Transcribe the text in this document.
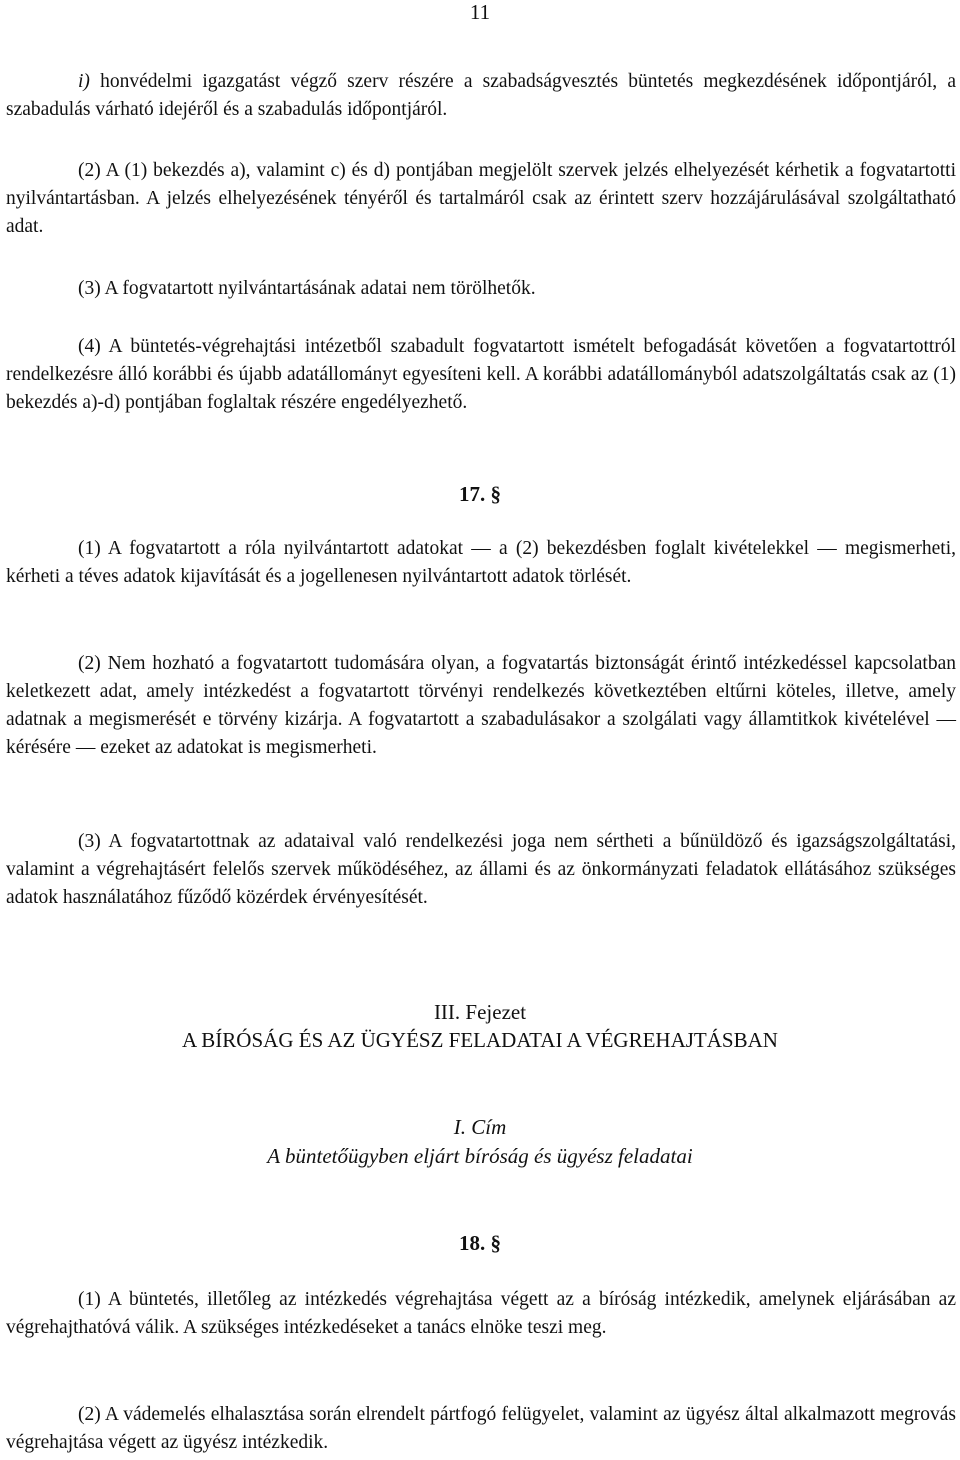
11

i) honvédelmi igazgatást végző szerv részére a szabadságvesztés büntetés megkezdésének időpontjáról, a szabadulás várható idejéről és a szabadulás időpontjáról.

(2) A (1) bekezdés a), valamint c) és d) pontjában megjelölt szervek jelzés elhelyezését kérhetik a fogvatartotti nyilvántartásban. A jelzés elhelyezésének tényéről és tartalmáról csak az érintett szerv hozzájárulásával szolgáltatható adat.

(3) A fogvatartott nyilvántartásának adatai nem törölhetők.

(4) A büntetés-végrehajtási intézetből szabadult fogvatartott ismételt befogadását követően a fogvatartottról rendelkezésre álló korábbi és újabb adatállományt egyesíteni kell. A korábbi adatállományból adatszolgáltatás csak az (1) bekezdés a)-d) pontjában foglaltak részére engedélyezhető.

17. §

(1) A fogvatartott a róla nyilvántartott adatokat ― a (2) bekezdésben foglalt kivételekkel ― megismerheti, kérheti a téves adatok kijavítását és a jogellenesen nyilvántartott adatok törlését.

(2) Nem hozható a fogvatartott tudomására olyan, a fogvatartás biztonságát érintő intézkedéssel kapcsolatban keletkezett adat, amely intézkedést a fogvatartott törvényi rendelkezés következtében eltűrni köteles, illetve, amely adatnak a megismerését e törvény kizárja. A fogvatartott a szabadulásakor a szolgálati vagy államtitkok kivételével ― kérésére ― ezeket az adatokat is megismerheti.

(3) A fogvatartottnak az adataival való rendelkezési joga nem sértheti a bűnüldöző és igazságszolgáltatási, valamint a végrehajtásért felelős szervek működéséhez, az állami és az önkormányzati feladatok ellátásához szükséges adatok használatához fűződő közérdek érvényesítését.

III. Fejezet

A BÍRÓSÁG ÉS AZ ÜGYÉSZ FELADATAI A VÉGREHAJTÁSBAN

I. Cím

A büntetőügyben eljárt bíróság és ügyész feladatai

18. §

(1) A büntetés, illetőleg az intézkedés végrehajtása végett az a bíróság intézkedik, amelynek eljárásában az végrehajthatóvá válik. A szükséges intézkedéseket a tanács elnöke teszi meg.

(2) A vádemelés elhalasztása során elrendelt pártfogó felügyelet, valamint az ügyész által alkalmazott megrovás végrehajtása végett az ügyész intézkedik.
